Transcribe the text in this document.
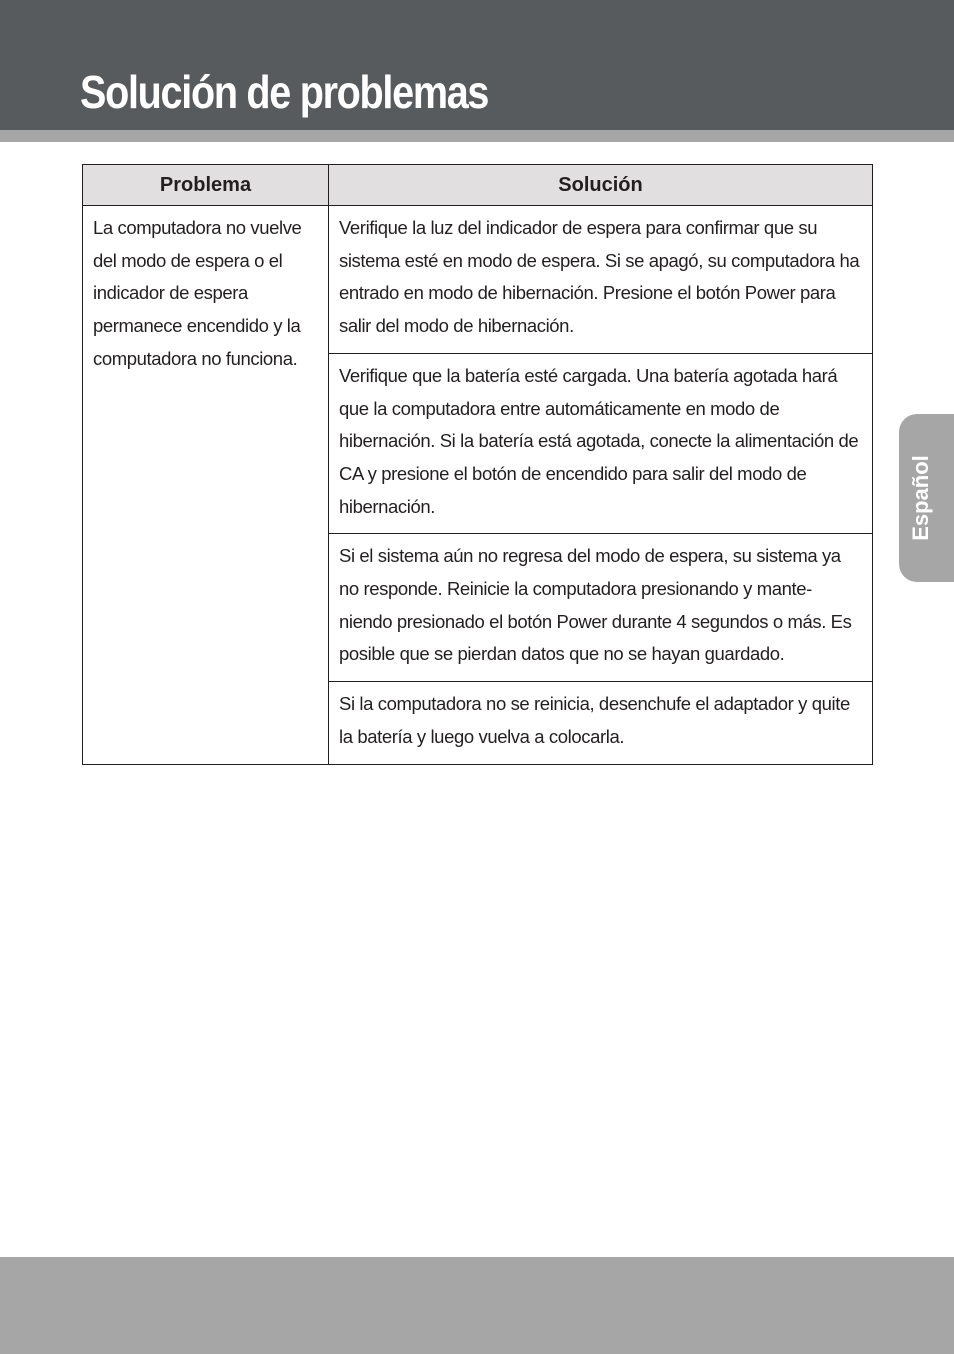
Solución de problemas
Español
Problema	Solución

La computadora no vuelve del modo de espera o el indicador de espera permanece encendido y la computadora no funciona.	Verifique la luz del indicador de espera para confirmar que su sistema esté en modo de espera. Si se apagó, su computadora ha entrado en modo de hibernación. Presione el botón Power para salir del modo de hibernación.

	Verifique que la batería esté cargada. Una batería agotada hará que la computadora entre automáticamente en modo de hibernación. Si la batería está agotada, conecte la alimentación de CA y presione el botón de encendido para salir del modo de hibernación.

	Si el sistema aún no regresa del modo de espera, su sistema ya no responde. Reinicie la computadora presionando y mante-niendo presionado el botón Power durante 4 segundos o más. Es posible que se pierdan datos que no se hayan guardado.

	Si la computadora no se reinicia, desenchufe el adaptador y quite la batería y luego vuelva a colocarla.
